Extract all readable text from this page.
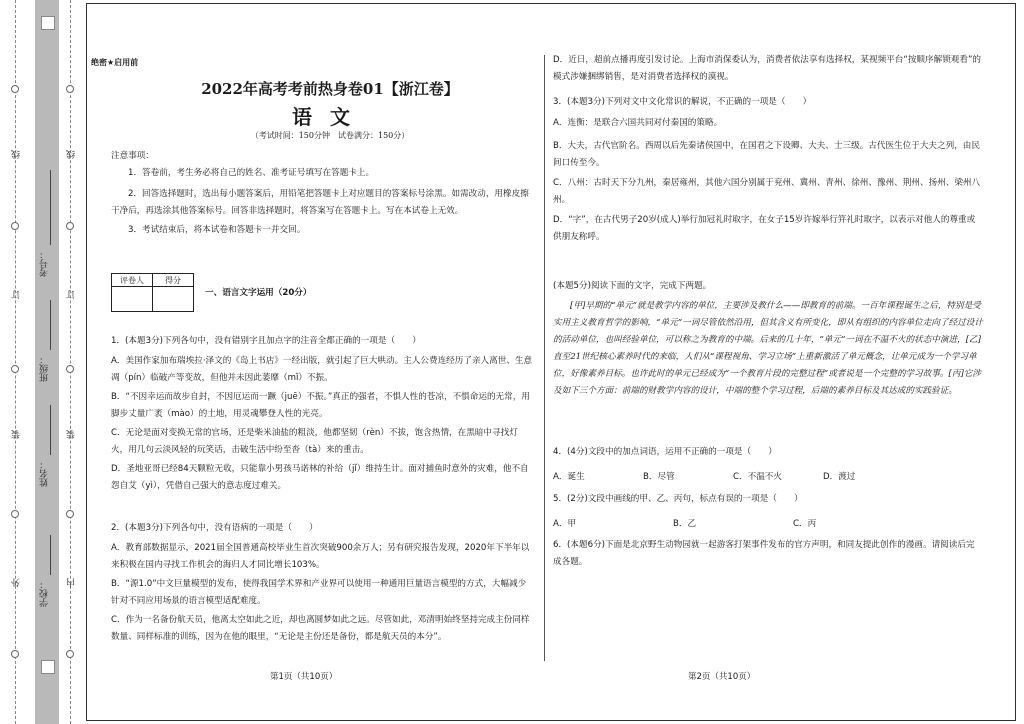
线
订
装
外
线
订
装
内
学校：
姓名：
班级：
考号：
绝密★启用前
2022年高考考前热身卷01【浙江卷】
语文
（考试时间：150分钟　试卷满分：150分）

注意事项：

1．答卷前，考生务必将自己的姓名、准考证号填写在答题卡上。

2．回答选择题时，选出每小题答案后，用铅笔把答题卡上对应题目的答案标号涂黑。如需改动，用橡皮擦干净后，再选涂其他答案标号。回答非选择题时，将答案写在答题卡上。写在本试卷上无效。

3．考试结束后，将本试卷和答题卡一并交回。

评卷人	得分

一、语言文字运用（20分）

1．(本题3分)下列各句中，没有错别字且加点字的注音全都正确的一项是（　　）

A．美国作家加布瑞埃拉·泽文的《岛上书店》一经出版，就引起了巨大哄动。主人公费连经历了亲人离世、生意凋（pín）临破产等变故，但他并未因此萎靡（mǐ）不振。

B．“不因幸运而故步自封，不因厄运而一蹶（juē）不振。”真正的强者，不惧人性的苍凉，不惧命运的无常，用脚步丈量广袤（mào）的土地，用灵魂攀登人性的光亮。

C．无论是面对变换无常的官场，还是柴米油盐的粗淡，他都坚韧（rèn）不拔，饱含热情，在黑暗中寻找灯火，用几句云淡风轻的玩笑话，击破生活中纷至沓（tà）来的重击。

D．圣地亚哥已经84天颗粒无收，只能靠小男孩马诺林的补给（jǐ）维持生计。面对捕鱼时意外的灾难，他不自怨自艾（yì），凭借自己强大的意志度过难关。

2．(本题3分)下列各句中，没有语病的一项是（　　）

A．教育部数据显示，2021届全国普通高校毕业生首次突破900余万人；另有研究报告发现，2020年下半年以来积极在国内寻找工作机会的海归人才同比增长103%。

B．“源1.0”中文巨量模型的发布，使得我国学术界和产业界可以使用一种通用巨量语言模型的方式，大幅减少针对不同应用场景的语言模型适配难度。

C．作为一名备份航天员，他离太空如此之近，却也离圆梦如此之远。尽管如此，邓清明始终坚持完成主份同样数量、同样标准的训练，因为在他的眼里，“无论是主份还是备份，都是航天员的本分”。

第1页（共10页）

D．近日，超前点播再度引发讨论。上海市消保委认为，消费者依法享有选择权，某视频平台“按顺序解锁观看”的模式涉嫌捆绑销售，是对消费者选择权的漠视。

3．(本题3分)下列对文中文化常识的解说，不正确的一项是（　　）

A．连衡：是联合六国共同对付秦国的策略。

B．大夫，古代官阶名。西周以后先秦诸侯国中，在国君之下设卿、大夫、士三级。古代医生位于大夫之列，由民间口传至今。

C．八州：古时天下分九州，秦居雍州，其他六国分别属于兖州、冀州、青州、徐州、豫州、荆州、扬州、梁州八州。

D．“字”，在古代男子20岁(成人)举行加冠礼时取字，在女子15岁许嫁举行笄礼时取字，以表示对他人的尊重或供朋友称呼。

(本题5分)阅读下面的文字，完成下两题。

[甲]早期的“单元”就是教学内容的单位，主要涉及教什么——即教育的前端。一百年课程诞生之后，特别是受实用主义教育哲学的影响，“单元”一词尽管依然沿用，但其含义有所变化，即从有组织的内容单位走向了经过设计的活动单位，也叫经验单位，可以称之为教育的中端。后来的几十年，“单元”一词在不温不火的状态中演进，[乙]直至21世纪核心素养时代的来临，人们从“课程视角、学习立场”上重新激活了单元概念，让单元成为一个学习单位，好像素养目标。也许此时的单元已经成为“一个教育片段的完整过程”或者说是一个完整的学习故事。[丙]它涉及如下三个方面：前端的财教学内容的设计，中端的整个学习过程，后端的素养目标及其达成的实践验证。

4．(4分)文段中的加点词语，运用不正确的一项是（　　）
A．诞生	B．尽管	C．不温不火	D．渡过
5．(2分)文段中画线的甲、乙、丙句，标点有误的一项是（　　）
A．甲	B．乙	C．丙

6．(本题6分)下面是北京野生动物园就一起游客打架事件发布的官方声明，和同友提此创作的漫画。请阅读后完成各题。

第2页（共10页）
